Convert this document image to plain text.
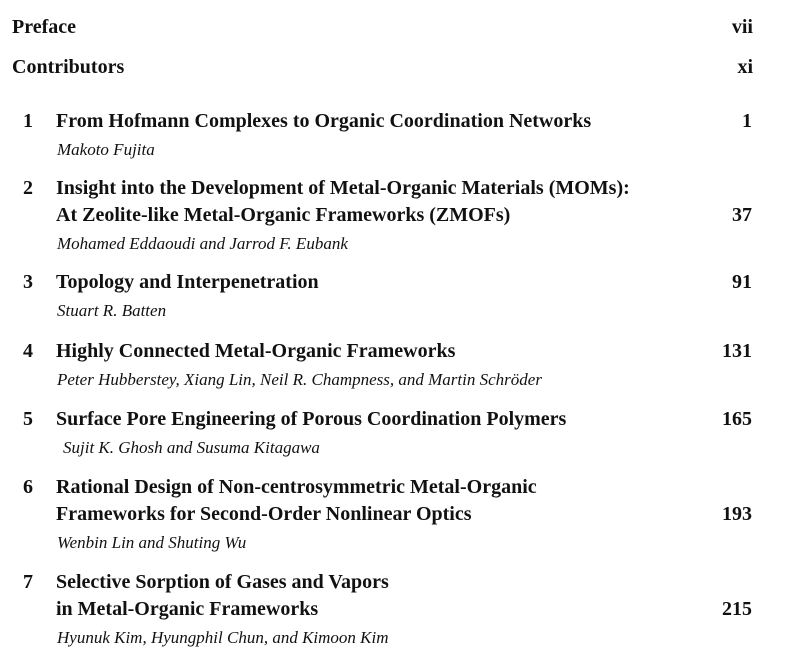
Preface	vii
Contributors	xi
1 From Hofmann Complexes to Organic Coordination Networks	1
Makoto Fujita
2 Insight into the Development of Metal-Organic Materials (MOMs):
At Zeolite-like Metal-Organic Frameworks (ZMOFs)	37
Mohamed Eddaoudi and Jarrod F. Eubank
3 Topology and Interpenetration	91
Stuart R. Batten
4 Highly Connected Metal-Organic Frameworks	131
Peter Hubberstey, Xiang Lin, Neil R. Champness, and Martin Schröder
5 Surface Pore Engineering of Porous Coordination Polymers	165
Sujit K. Ghosh and Susuma Kitagawa
6 Rational Design of Non-centrosymmetric Metal-Organic
Frameworks for Second-Order Nonlinear Optics	193
Wenbin Lin and Shuting Wu
7 Selective Sorption of Gases and Vapors
in Metal-Organic Frameworks	215
Hyunuk Kim, Hyungphil Chun, and Kimoon Kim
